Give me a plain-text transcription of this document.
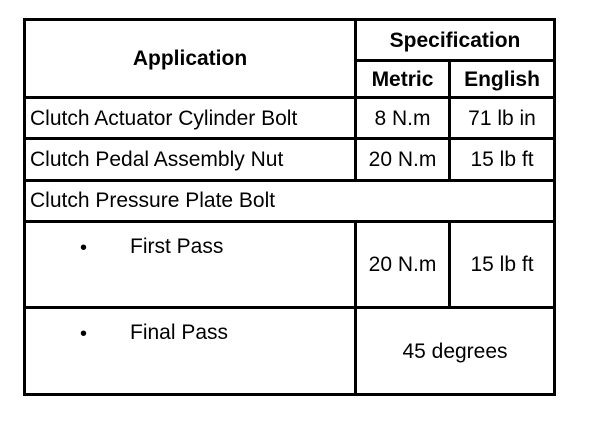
Application	Specification	
	Metric	English
Clutch Actuator Cylinder Bolt	8 N.m	71 lb in
Clutch Pedal Assembly Nut	20 N.m	15 lb ft
Clutch Pressure Plate Bolt		

• First Pass	20 N.m	15 lb ft

• Final Pass	45 degrees	
